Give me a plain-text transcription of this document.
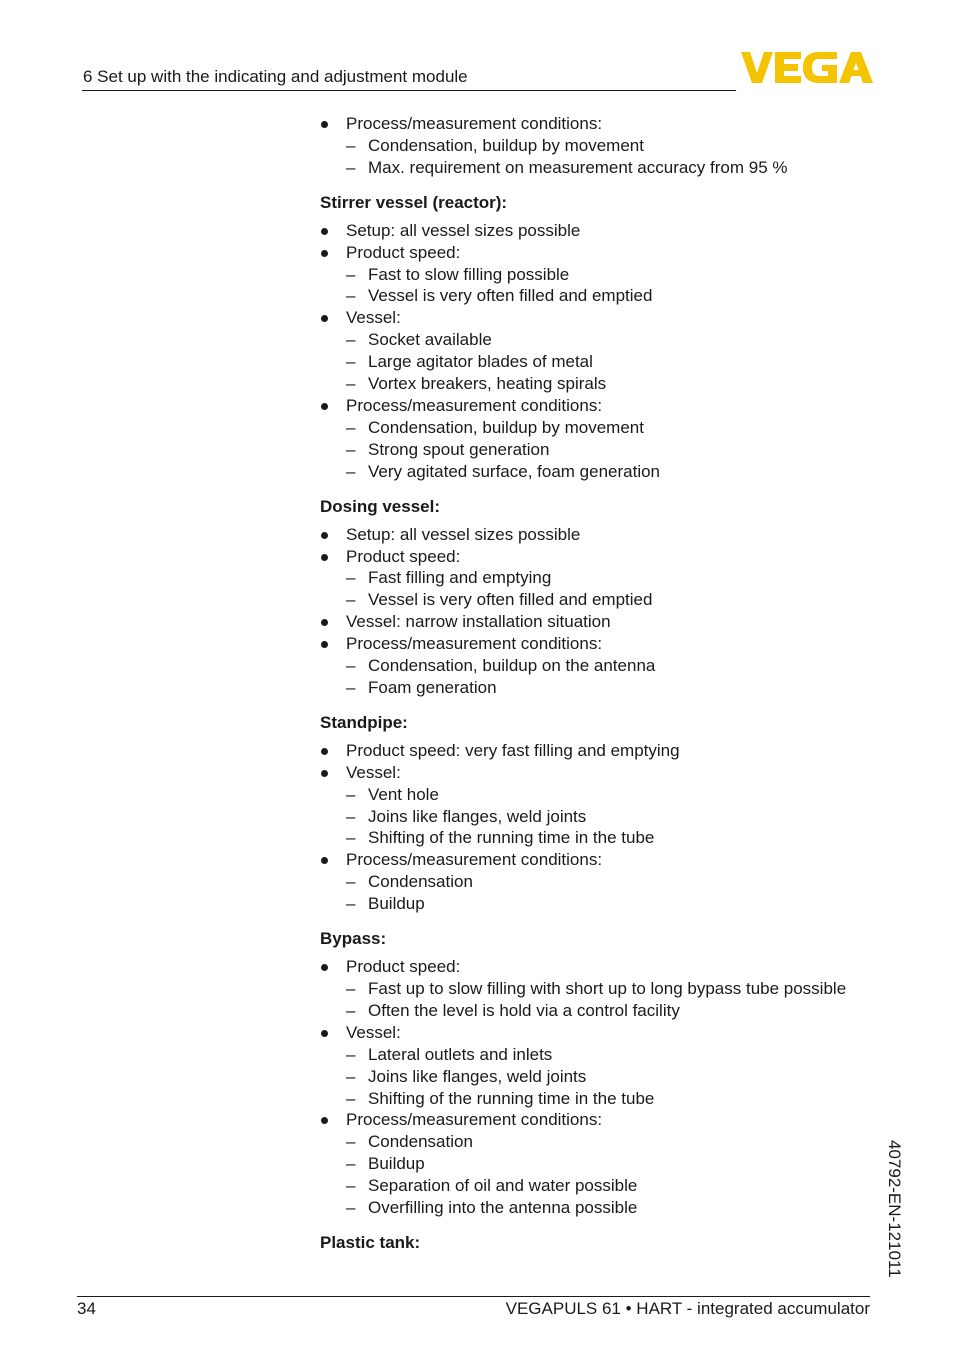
6 Set up with the indicating and adjustment module
Process/measurement conditions:
– Condensation, buildup by movement
– Max. requirement on measurement accuracy from 95 %
Stirrer vessel (reactor):
Setup: all vessel sizes possible
Product speed:
– Fast to slow filling possible
– Vessel is very often filled and emptied
Vessel:
– Socket available
– Large agitator blades of metal
– Vortex breakers, heating spirals
Process/measurement conditions:
– Condensation, buildup by movement
– Strong spout generation
– Very agitated surface, foam generation
Dosing vessel:
Setup: all vessel sizes possible
Product speed:
– Fast filling and emptying
– Vessel is very often filled and emptied
Vessel: narrow installation situation
Process/measurement conditions:
– Condensation, buildup on the antenna
– Foam generation
Standpipe:
Product speed: very fast filling and emptying
Vessel:
– Vent hole
– Joins like flanges, weld joints
– Shifting of the running time in the tube
Process/measurement conditions:
– Condensation
– Buildup
Bypass:
Product speed:
– Fast up to slow filling with short up to long bypass tube possible
– Often the level is hold via a control facility
Vessel:
– Lateral outlets and inlets
– Joins like flanges, weld joints
– Shifting of the running time in the tube
Process/measurement conditions:
– Condensation
– Buildup
– Separation of oil and water possible
– Overfilling into the antenna possible
Plastic tank:	40792-EN-121011
34	VEGAPULS 61 • HART - integrated accumulator
